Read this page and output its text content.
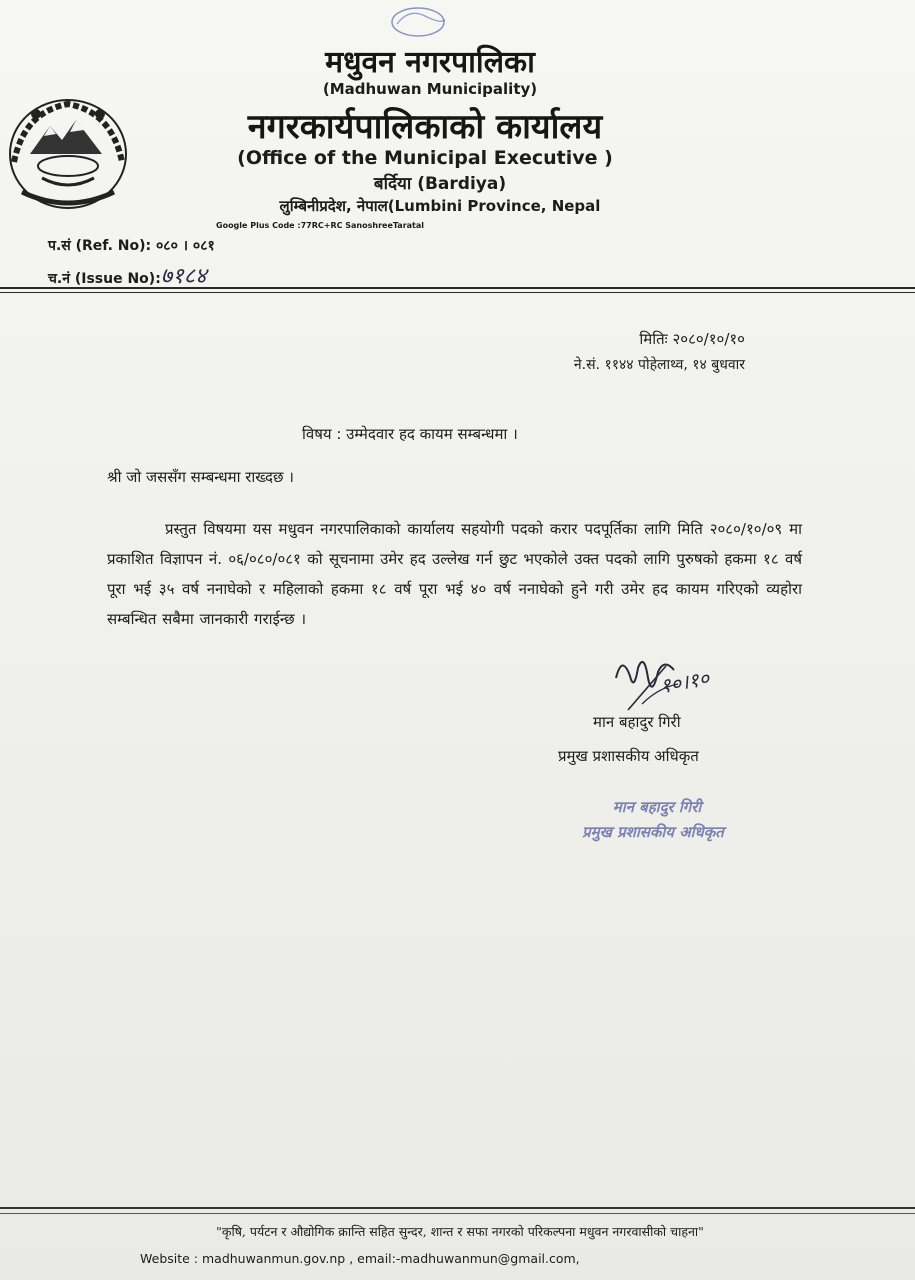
मधुवन नगरपालिका
(Madhuwan Municipality)
नगरकार्यपालिकाको कार्यालय
(Office of the Municipal Executive )
बर्दिया (Bardiya)
लुम्बिनीप्रदेश, नेपाल(Lumbini Province, Nepal
Google Plus Code :77RC+RC SanoshreeTaratal
प.सं (Ref. No): ०८० । ०८१
च.नं (Issue No):७१८४
मितिः २०८०/१०/१०
ने.सं. ११४४ पोहेलाथ्व, १४ बुधवार
विषय : उम्मेदवार हद कायम सम्बन्धमा ।
श्री जो जससँग सम्बन्धमा राख्दछ ।
प्रस्तुत विषयमा यस मधुवन नगरपालिकाको कार्यालय सहयोगी पदको करार पदपूर्तिका लागि मिति २०८०/१०/०९ मा प्रकाशित विज्ञापन नं. ०६/०८०/०८१ को सूचनामा उमेर हद उल्लेख गर्न छुट भएकोले उक्त पदको लागि पुरुषको हकमा १८ वर्ष पूरा भई ३५ वर्ष ननाघेको र महिलाको हकमा १८ वर्ष पूरा भई ४० वर्ष ननाघेको हुने गरी उमेर हद कायम गरिएको व्यहोरा सम्बन्धित सबैमा जानकारी गराईन्छ ।
१०।१०
मान बहादुर गिरी
प्रमुख प्रशासकीय अधिकृत
मान बहादुर गिरी
प्रमुख प्रशासकीय अधिकृत
"कृषि, पर्यटन र औद्योगिक क्रान्ति सहित सुन्दर, शान्त र सफा नगरको परिकल्पना मधुवन नगरवासीको चाहना"
Website : madhuwanmun.gov.np , email:-madhuwanmun@gmail.com,
